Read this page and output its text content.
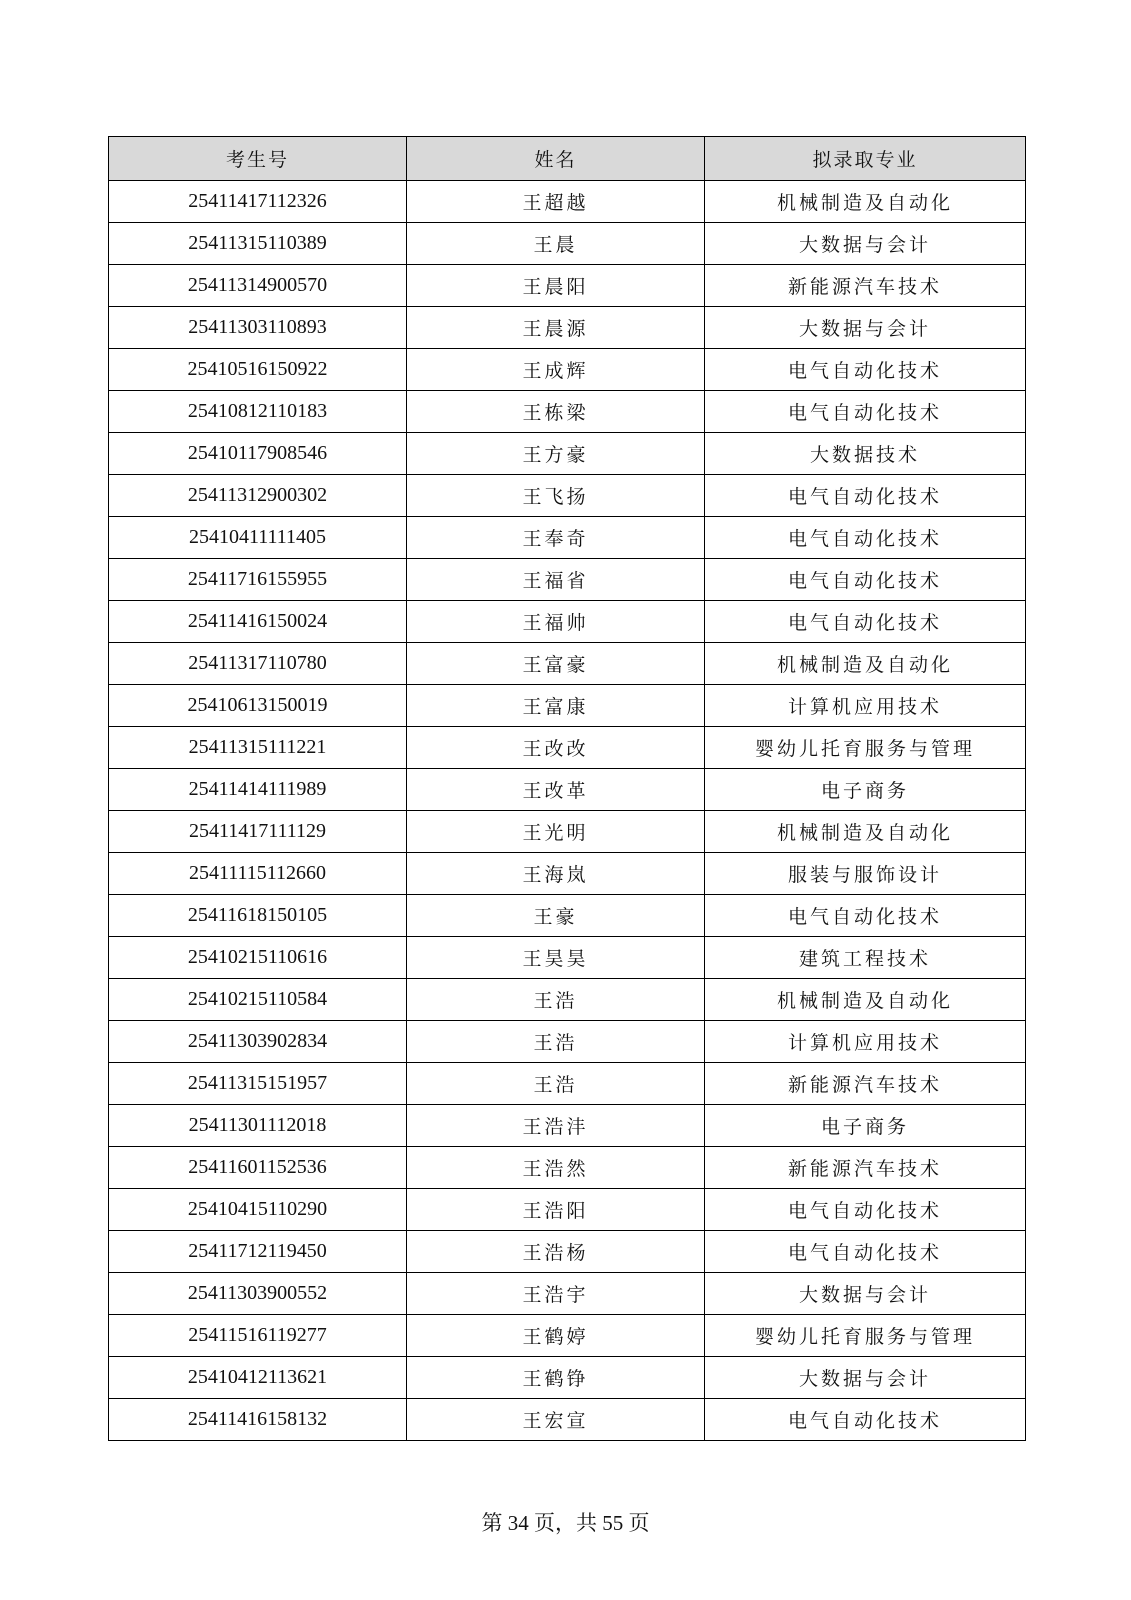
考生号	姓名	拟录取专业
25411417112326	王超越	机械制造及自动化
25411315110389	王晨	大数据与会计
25411314900570	王晨阳	新能源汽车技术
25411303110893	王晨源	大数据与会计
25410516150922	王成辉	电气自动化技术
25410812110183	王栋梁	电气自动化技术
25410117908546	王方豪	大数据技术
25411312900302	王飞扬	电气自动化技术
25410411111405	王奉奇	电气自动化技术
25411716155955	王福省	电气自动化技术
25411416150024	王福帅	电气自动化技术
25411317110780	王富豪	机械制造及自动化
25410613150019	王富康	计算机应用技术
25411315111221	王改改	婴幼儿托育服务与管理
25411414111989	王改革	电子商务
25411417111129	王光明	机械制造及自动化
25411115112660	王海岚	服装与服饰设计
25411618150105	王豪	电气自动化技术
25410215110616	王昊昊	建筑工程技术
25410215110584	王浩	机械制造及自动化
25411303902834	王浩	计算机应用技术
25411315151957	王浩	新能源汽车技术
25411301112018	王浩沣	电子商务
25411601152536	王浩然	新能源汽车技术
25410415110290	王浩阳	电气自动化技术
25411712119450	王浩杨	电气自动化技术
25411303900552	王浩宇	大数据与会计
25411516119277	王鹤婷	婴幼儿托育服务与管理
25410412113621	王鹤铮	大数据与会计
25411416158132	王宏宣	电气自动化技术
第 34 页，共 55 页
